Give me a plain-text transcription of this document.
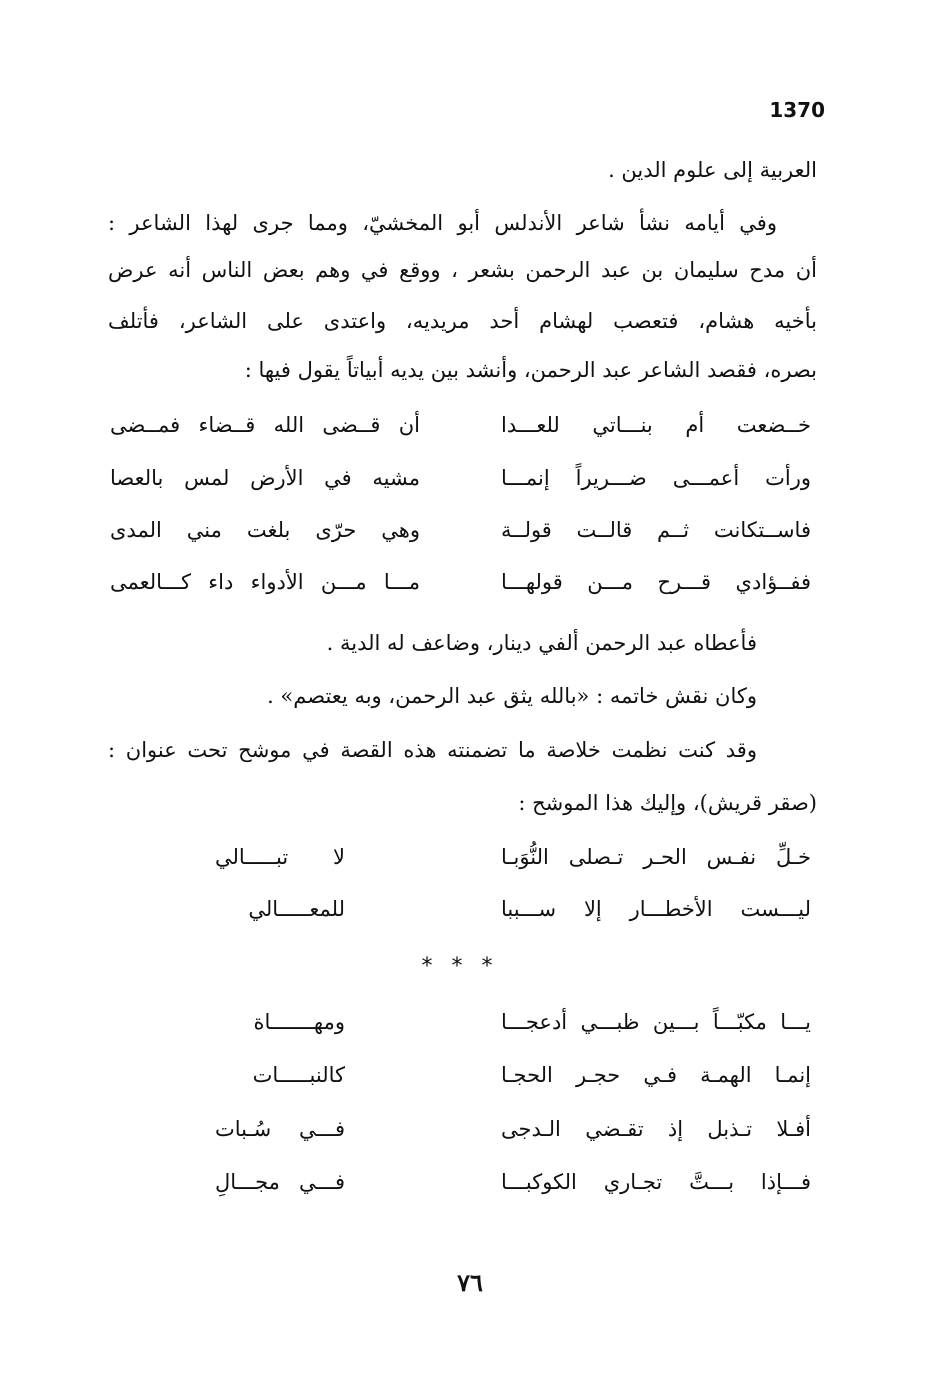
1370
العربية إلى علوم الدين .
وفي أيامه نشأ شاعر الأندلس أبو المخشيّ، ومما جرى لهذا الشاعر :
أن مدح سليمان بن عبد الرحمن بشعر ، ووقع في وهم بعض الناس أنه عرض
بأخيه هشام، فتعصب لهشام أحد مريديه، واعتدى على الشاعر، فأتلف
بصره، فقصد الشاعر عبد الرحمن، وأنشد بين يديه أبياتاً يقول فيها :
خــضعت أم بنـــاتي للعـــدا
أن قــضى الله قــضاء فمــضى
ورأت أعمـــى ضـــريراً إنمـــا
مشيه في الأرض لمس بالعصا
فاســتكانت ثــم قالــت قولــة
وهي حرّى بلغت مني المدى
ففــؤادي قـــرح مـــن قولهـــا
مـــا مـــن الأدواء داء كـــالعمى
فأعطاه عبد الرحمن ألفي دينار، وضاعف له الدية .
وكان نقش خاتمه : «بالله يثق عبد الرحمن، وبه يعتصم» .
وقد كنت نظمت خلاصة ما تضمنته هذه القصة في موشح تحت عنوان :
(صقر قريش)، وإليك هذا الموشح :
خـلِّ نفـس الحـر تـصلى النُّوَبـا
لا تبـــــالي
ليـــست الأخطـــار إلا ســـببا
للمعـــــالي
* * *
يـــا مكبّـــاً بـــين ظبـــي أدعجـــا
ومهـــــــاة
إنمـا الهمـة فـي حجـر الحجـا
كالنبـــــات
أفـلا تـذبل إذ تقـضي الـدجى
فـــي سُـبات
فـــإذا بـــتَّ تجـاري الكوكبـــا
فـــي مجـــالِ
٧٦
